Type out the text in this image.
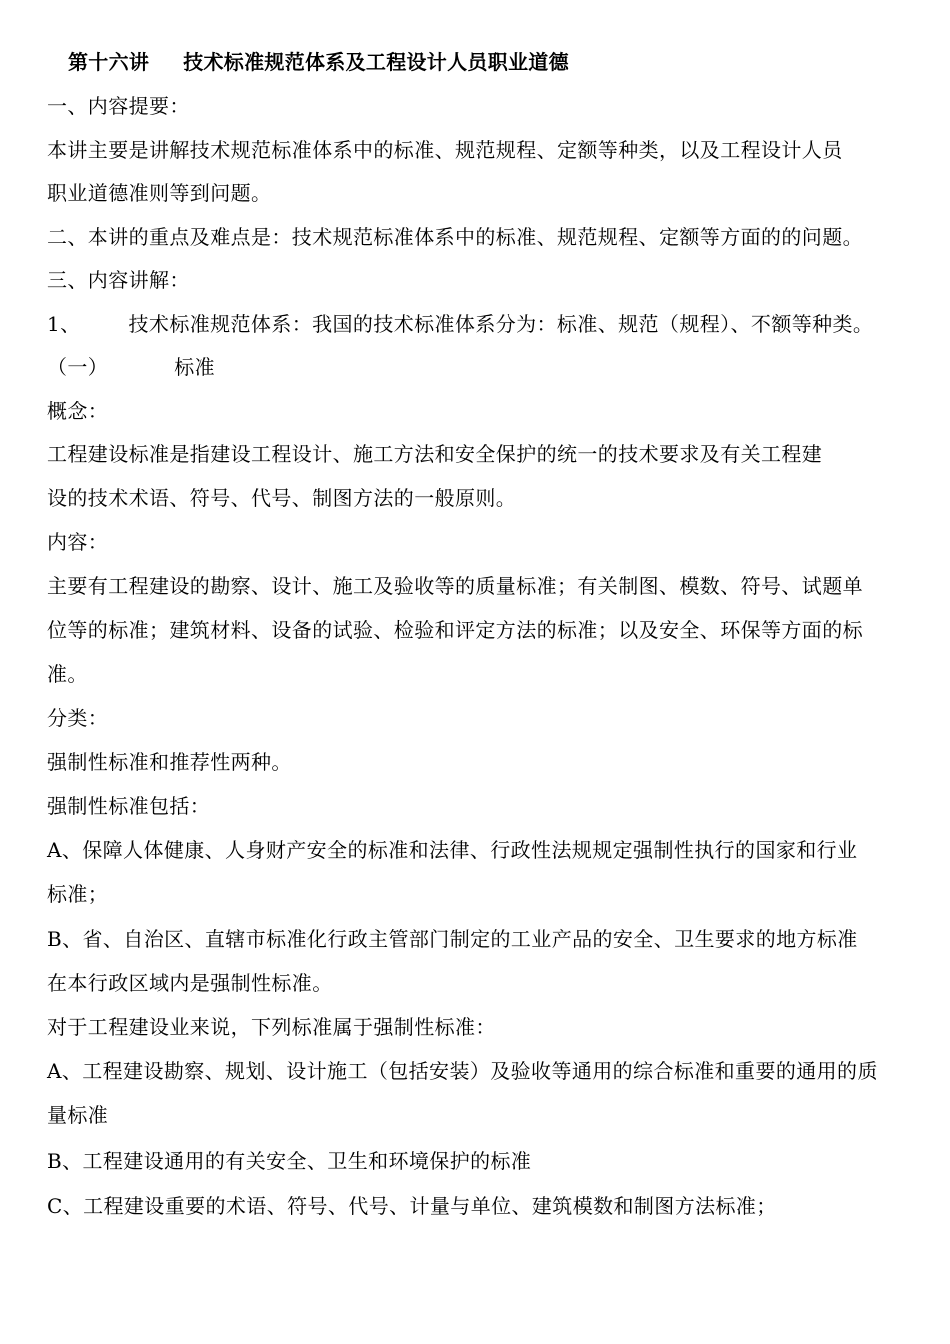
第十六讲 技术标准规范体系及工程设计人员职业道德
一、内容提要：
本讲主要是讲解技术规范标准体系中的标准、规范规程、定额等种类，以及工程设计人员
职业道德准则等到问题。
二、本讲的重点及难点是：技术规范标准体系中的标准、规范规程、定额等方面的的问题。
三、内容讲解：
1、 技术标准规范体系：我国的技术标准体系分为：标准、规范（规程）、不额等种类。
（一）	标准
概念：
工程建设标准是指建设工程设计、施工方法和安全保护的统一的技术要求及有关工程建
设的技术术语、符号、代号、制图方法的一般原则。
内容：
主要有工程建设的勘察、设计、施工及验收等的质量标准；有关制图、模数、符号、试题单
位等的标准；建筑材料、设备的试验、检验和评定方法的标准；以及安全、环保等方面的标
准。
分类：
强制性标准和推荐性两种。
强制性标准包括：
A、保障人体健康、人身财产安全的标准和法律、行政性法规规定强制性执行的国家和行业
标准；
B、省、自治区、直辖市标准化行政主管部门制定的工业产品的安全、卫生要求的地方标准
在本行政区域内是强制性标准。
对于工程建设业来说，下列标准属于强制性标准：
A、工程建设勘察、规划、设计施工（包括安装）及验收等通用的综合标准和重要的通用的质
量标准
B、工程建设通用的有关安全、卫生和环境保护的标准
C、工程建设重要的术语、符号、代号、计量与单位、建筑模数和制图方法标准；
